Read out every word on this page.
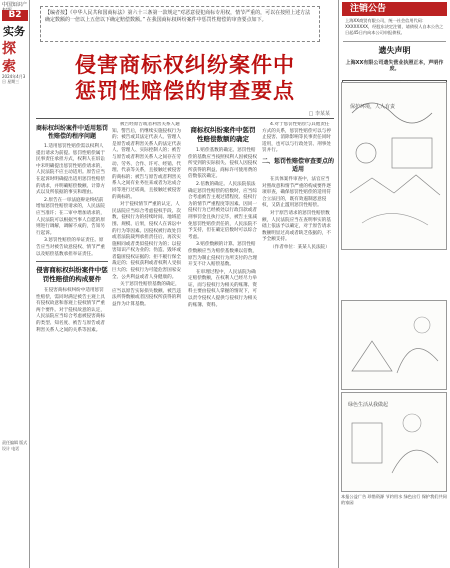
中国知识产
B2
实务
探
索
2024年4月3日 星期三
责任编辑 版式设计 电话
【编者按】《中华人民共和国商标法》第六十三条第一款规定“对恶意侵犯商标专用权，情节严重的，可以在按照上述方法确定数额的一倍以上五倍以下确定赔偿数额。” 在我国商标权纠纷案件中惩罚性赔偿的审查要点如下。
侵害商标权纠纷案件中
惩罚性赔偿的审查要点
□ 李某某
商标权纠纷案件中适用惩罚性赔偿的程序问题

1.适用惩罚性赔偿需以权利人提出请求为前提。惩罚性赔偿属于民事责任承担方式，权利人在诉讼中未明确提出惩罚性赔偿请求的，人民法院不应主动适用。原告应当在起诉时明确提出适用惩罚性赔偿的请求，并明确赔偿数额、计算方式以及所依据的事实和理由。

2.原告在一审法庭辩论终结前增加惩罚性赔偿请求的，人民法院应当准许；在二审中增加请求的，人民法院可以根据当事人自愿的原则进行调解，调解不成的，告知另行起诉。

3.惩罚性赔偿的举证责任。原告应当对被告故意侵权、情节严重以及赔偿基数承担举证责任。

侵害商标权纠纷案件中惩罚性赔偿的构成要件

在侵害商标权纠纷中适用惩罚性赔偿，需同时满足被告主观上具有侵权故意和客观上侵权情节严重两个要件。对于侵权故意的认定，人民法院应当综合考虑被侵害商标的类型、知名度、被告与原告或者利害关系人之间的关系等因素。

被告经原告或者利害关系人通知、警告后，仍继续实施侵权行为的；被告或其法定代表人、管理人是原告或者利害关系人的法定代表人、管理人、实际控制人的；被告与原告或者利害关系人之间存在劳动、劳务、合作、许可、经销、代理、代表等关系，且接触过被侵害的商标的；被告与原告或者利害关系人之间有业务往来或者为达成合同等进行过磋商，且接触过被侵害的商标的。

对于侵权情节严重的认定，人民法院应当综合考虑侵权手段、次数，侵权行为的持续时间、地域范围、规模、后果，侵权人在诉讼中的行为等因素。因侵权被行政处罚或者法院裁判承担责任后，再次实施相同或者类似侵权行为的；以侵害知识产权为业的；伪造、毁坏或者隐匿侵权证据的；拒不履行保全裁定的；侵权获利或者权利人受损巨大的；侵权行为可能危害国家安全、公共利益或者人身健康的。

关于惩罚性赔偿基数的确定，应当以原告实际损失数额、被告违法所得数额或者因侵权所获得的利益作为计算基数。

商标权纠纷案件中惩罚性赔偿数额的确定

1.赔偿基数的确定。惩罚性赔偿的基数应当按照权利人因被侵权所受到的实际损失、侵权人因侵权所获得的利益、商标许可使用费的倍数依次确定。

2.倍数的确定。人民法院依法确定惩罚性赔偿的倍数时，应当综合考虑被告主观过错程度、侵权行为的情节严重程度等因素。因同一侵权行为已经被处以行政罚款或者刑事罚金且执行完毕，被告主张减免惩罚性赔偿责任的，人民法院不予支持，但在确定倍数时可以综合考虑。

3.赔偿数额的计算。惩罚性赔偿数额应当为赔偿基数乘以倍数，原告为制止侵权行为所支付的合理开支不计入赔偿基数。

在审理过程中，人民法院为确定赔偿数额，在权利人已经尽力举证，而与侵权行为相关的账簿、资料主要由侵权人掌握的情况下，可以责令侵权人提供与侵权行为相关的账簿、资料。

4.对于惩罚性赔偿与其他责任方式的关系，惩罚性赔偿可以与停止侵害、消除影响等民事责任同时适用，也可以与行政处罚、刑事处罚并行。

二、惩罚性赔偿审查要点的适用

在具体案件审查中，法官应当对照故意和情节严重的构成要件逐项审查，确保惩罚性赔偿的适用符合立法目的，既有效遏制恶意侵权，又防止滥用惩罚性赔偿。

对于原告请求的惩罚性赔偿数额，人民法院应当在查明事实的基础上依法予以确定，对于原告请求数额明显过高或者缺乏依据的，不予全额支持。

（作者单位：某某人民法院）

注销公告
上海XX商贸有限公司，统一社会信用代码：XXXXXXXX，经股东决定注销，请债权人自本公告之日起45日内向本公司申报债权。
遗失声明
上海XX有限公司遗失营业执照正本，声明作废。
保护环境，人人有责
绿色生活从我做起
本报公益广告 珍惜资源 节约用水 绿色出行 保护我们共同的家园
